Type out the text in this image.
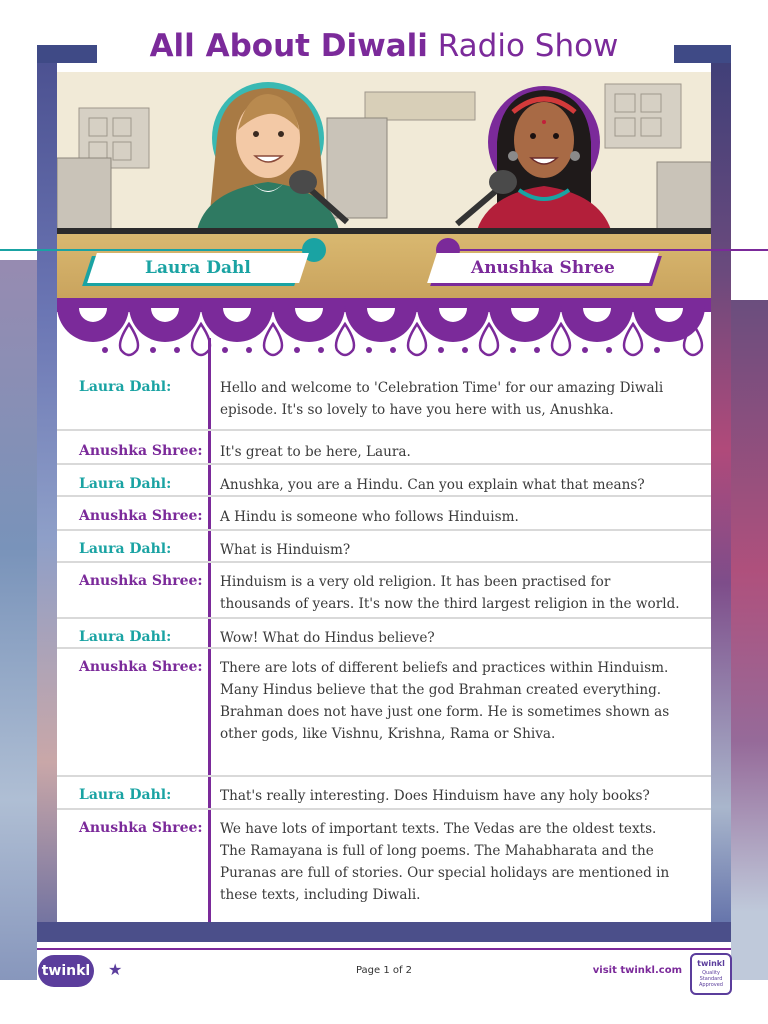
All About Diwali Radio Show
Laura Dahl	Anushka Shree
Laura Dahl:	Hello and welcome to 'Celebration Time' for our amazing Diwali episode. It's so lovely to have you here with us, Anushka.
Anushka Shree:	It's great to be here, Laura.
Laura Dahl:	Anushka, you are a Hindu. Can you explain what that means?
Anushka Shree:	A Hindu is someone who follows Hinduism.
Laura Dahl:	What is Hinduism?
Anushka Shree:	Hinduism is a very old religion. It has been practised for thousands of years. It's now the third largest religion in the world.
Laura Dahl:	Wow! What do Hindus believe?
Anushka Shree:	There are lots of different beliefs and practices within Hinduism. Many Hindus believe that the god Brahman created everything. Brahman does not have just one form. He is sometimes shown as other gods, like Vishnu, Krishna, Rama or Shiva.
Laura Dahl:	That's really interesting. Does Hinduism have any holy books?
Anushka Shree:	We have lots of important texts. The Vedas are the oldest texts. The Ramayana is full of long poems. The Mahabharata and the Puranas are full of stories. Our special holidays are mentioned in these texts, including Diwali.
twinkl ★	Page 1 of 2	visit twinkl.com
twinkl
Quality Standard Approved
